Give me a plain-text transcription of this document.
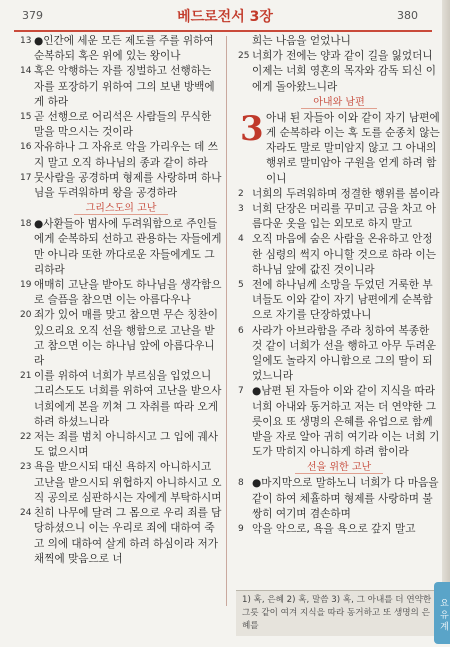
379	베드로전서 3장	380
13 ●인간에 세운 모든 제도를 주를 위하여 순복하되 혹은 위에 있는 왕이나
14 혹은 악행하는 자를 징벌하고 선행하는 자를 포장하기 위하여 그의 보낸 방백에게 하라
15 곧 선행으로 어리석은 사람들의 무식한 말을 막으시는 것이라
16 자유하나 그 자유로 악을 가리우는 데 쓰지 말고 오직 하나님의 종과 같이 하라
17 뭇사람을 공경하며 형제를 사랑하며 하나님을 두려워하며 왕을 공경하라
그리스도의 고난
18 ●사환들아 범사에 두려워함으로 주인들에게 순복하되 선하고 관용하는 자들에게만 아니라 또한 까다로운 자들에게도 그리하라
19 애매히 고난을 받아도 하나님을 생각함으로 슬픔을 참으면 이는 아름다우나
20 죄가 있어 매를 맞고 참으면 무슨 칭찬이 있으리요 오직 선을 행함으로 고난을 받고 참으면 이는 하나님 앞에 아름다우니라
21 이를 위하여 너희가 부르심을 입었으니 그리스도도 너희를 위하여 고난을 받으사 너희에게 본을 끼쳐 그 자취를 따라 오게 하려 하셨느니라
22 저는 죄를 범치 아니하시고 그 입에 궤사도 없으시며
23 욕을 받으시되 대신 욕하지 아니하시고 고난을 받으시되 위협하지 아니하시고 오직 공의로 심판하시는 자에게 부탁하시며
24 친히 나무에 달려 그 몸으로 우리 죄를 담당하셨으니 이는 우리로 죄에 대하여 죽고 의에 대하여 살게 하려 하심이라 저가 채찍에 맞음으로 너
희는 나음을 얻었나니
25 너희가 전에는 양과 같이 길을 잃었더니 이제는 너희 영혼의 목자와 감독 되신 이에게 돌아왔느니라
아내와 남편
3 아내 된 자들아 이와 같이 자기 남편에게 순복하라 이는 혹 도를 순종치 않는 자라도 말로 말미암지 않고 그 아내의 행위로 말미암아 구원을 얻게 하려 함이니
2 너희의 두려워하며 정결한 행위를 봄이라
3 너희 단장은 머리를 꾸미고 금을 차고 아름다운 옷을 입는 외모로 하지 말고
4 오직 마음에 숨은 사람을 온유하고 안정한 심령의 썩지 아니할 것으로 하라 이는 하나님 앞에 값진 것이니라
5 전에 하나님께 소망을 두었던 거룩한 부녀들도 이와 같이 자기 남편에게 순복함으로 자기를 단장하였나니
6 사라가 아브라함을 주라 칭하여 복종한 것 같이 너희가 선을 행하고 아무 두려운 일에도 놀라지 아니함으로 그의 딸이 되었느니라
7 ●남편 된 자들아 이와 같이 지식을 따라 너희 아내와 동거하고 저는 더 연약한 그릇이요 또 생명의 은혜를 유업으로 함께 받을 자로 알아 귀히 여기라 이는 너희 기도가 막히지 아니하게 하려 함이라
선을 위한 고난
8 ●마지막으로 말하노니 너희가 다 마음을 같이 하여 체휼하며 형제를 사랑하며 불쌍히 여기며 겸손하며
9 악을 악으로, 욕을 욕으로 갚지 말고
1) 혹, 은혜 2) 혹, 말씀 3) 혹, 그 아내를 더 연약한 그릇 같이 여겨 지식을 따라 동거하고 또 생명의 은혜를	요 유 계
